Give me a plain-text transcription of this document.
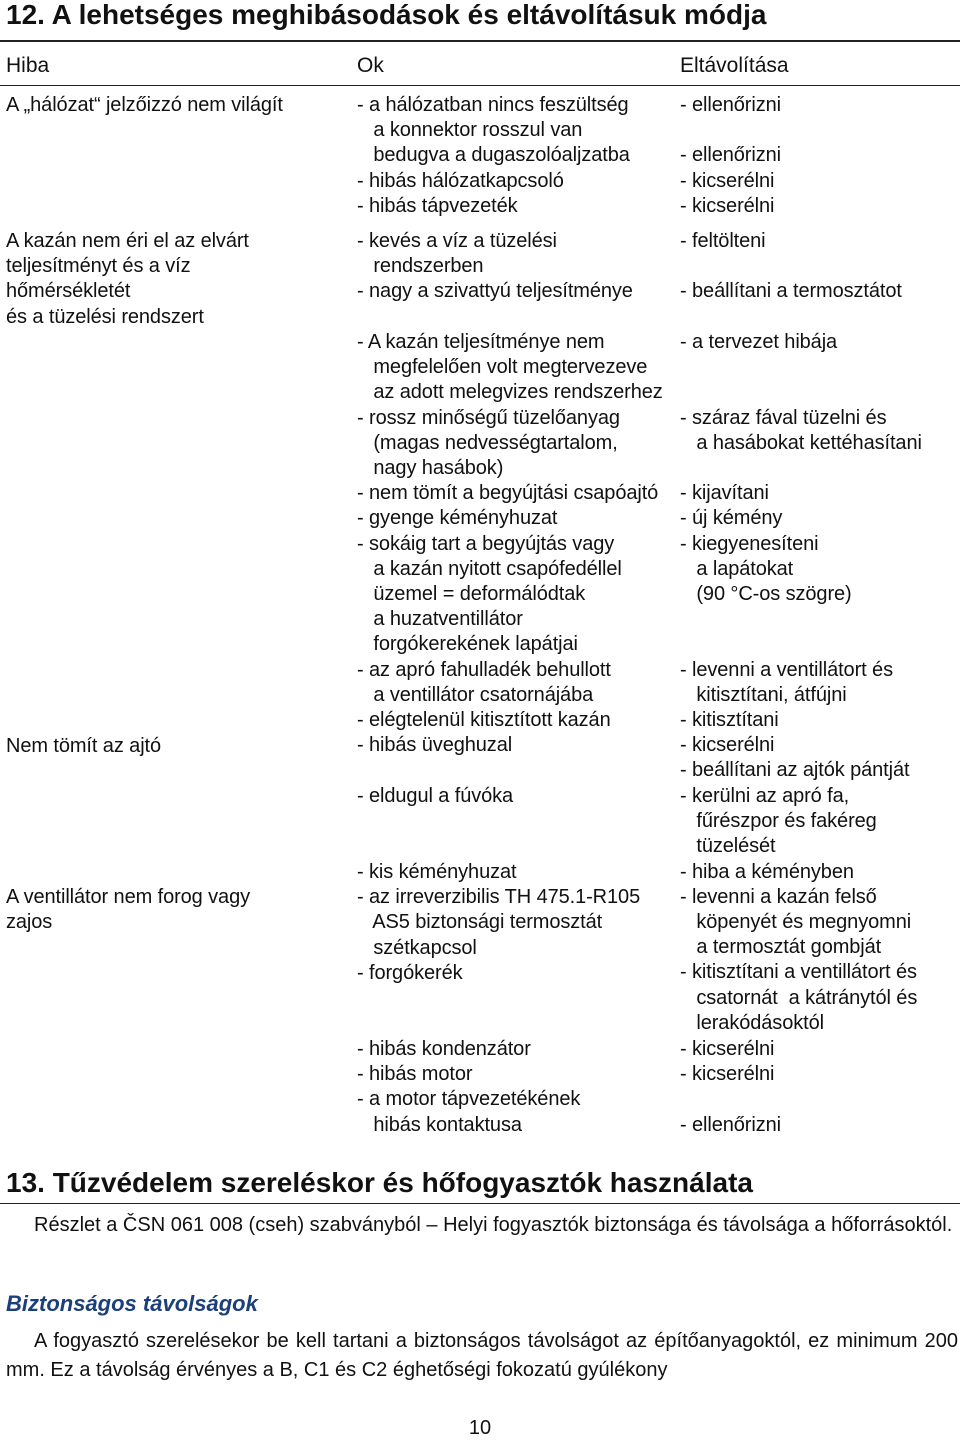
12. A lehetséges meghibásodások és eltávolításuk módja
Hiba	Ok	Eltávolítása
A „hálózat“ jelzőizzó nem világít
A kazán nem éri el az elvárt
teljesítményt és a víz
hőmérsékletét
és a tüzelési rendszert
Nem tömít az ajtó
A ventillátor nem forog vagy
zajos
- a hálózatban nincs feszültség
a konnektor rosszul van
bedugva a dugaszolóaljzatba
- hibás hálózatkapcsoló
- hibás tápvezeték
- kevés a víz a tüzelési
rendszerben
- nagy a szivattyú teljesítménye
- A kazán teljesítménye nem
megfelelően volt megtervezeve
az adott melegvizes rendszerhez
- rossz minőségű tüzelőanyag
(magas nedvességtartalom,
nagy hasábok)
- nem tömít a begyújtási csapóajtó
- gyenge kéményhuzat
- sokáig tart a begyújtás vagy
a kazán nyitott csapófedéllel
üzemel = deformálódtak
a huzatventillátor
forgókerekének lapátjai
- az apró fahulladék behullott
a ventillátor csatornájába
- elégtelenül kitisztított kazán
- hibás üveghuzal
- eldugul a fúvóka
- kis kéményhuzat
- az irreverzibilis TH 475.1-R105
AS5 biztonsági termosztát
szétkapcsol
- forgókerék
- hibás kondenzátor
- hibás motor
- a motor tápvezetékének
hibás kontaktusa
- ellenőrizni

- ellenőrizni
- kicserélni
- kicserélni
- feltölteni

- beállítani a termosztátot
- a tervezet hibája

- száraz fával tüzelni és
a hasábokat kettéhasítani

- kijavítani
- új kémény
- kiegyenesíteni
a lapátokat
(90 °C-os szögre)

- levenni a ventillátort és
kitisztítani, átfújni
- kitisztítani
- kicserélni
- beállítani az ajtók pántját
- kerülni az apró fa,
fűrészpor és fakéreg
tüzelését
- hiba a kéményben
- levenni a kazán felső
köpenyét és megnyomni
a termosztát gombját
- kitisztítani a ventillátort és
csatornát  a kátránytól és
lerakódásoktól
- kicserélni
- kicserélni

- ellenőrizni
13. Tűzvédelem szereléskor és hőfogyasztók használata
Részlet a ČSN 061 008 (cseh) szabványból – Helyi fogyasztók biztonsága és távolsága a hőforrásoktól.
Biztonságos távolságok
A fogyasztó szerelésekor be kell tartani a biztonságos távolságot az építőanyagoktól, ez minimum 200 mm. Ez a távolság érvényes a B, C1 és C2 éghetőségi fokozatú gyúlékony
10
